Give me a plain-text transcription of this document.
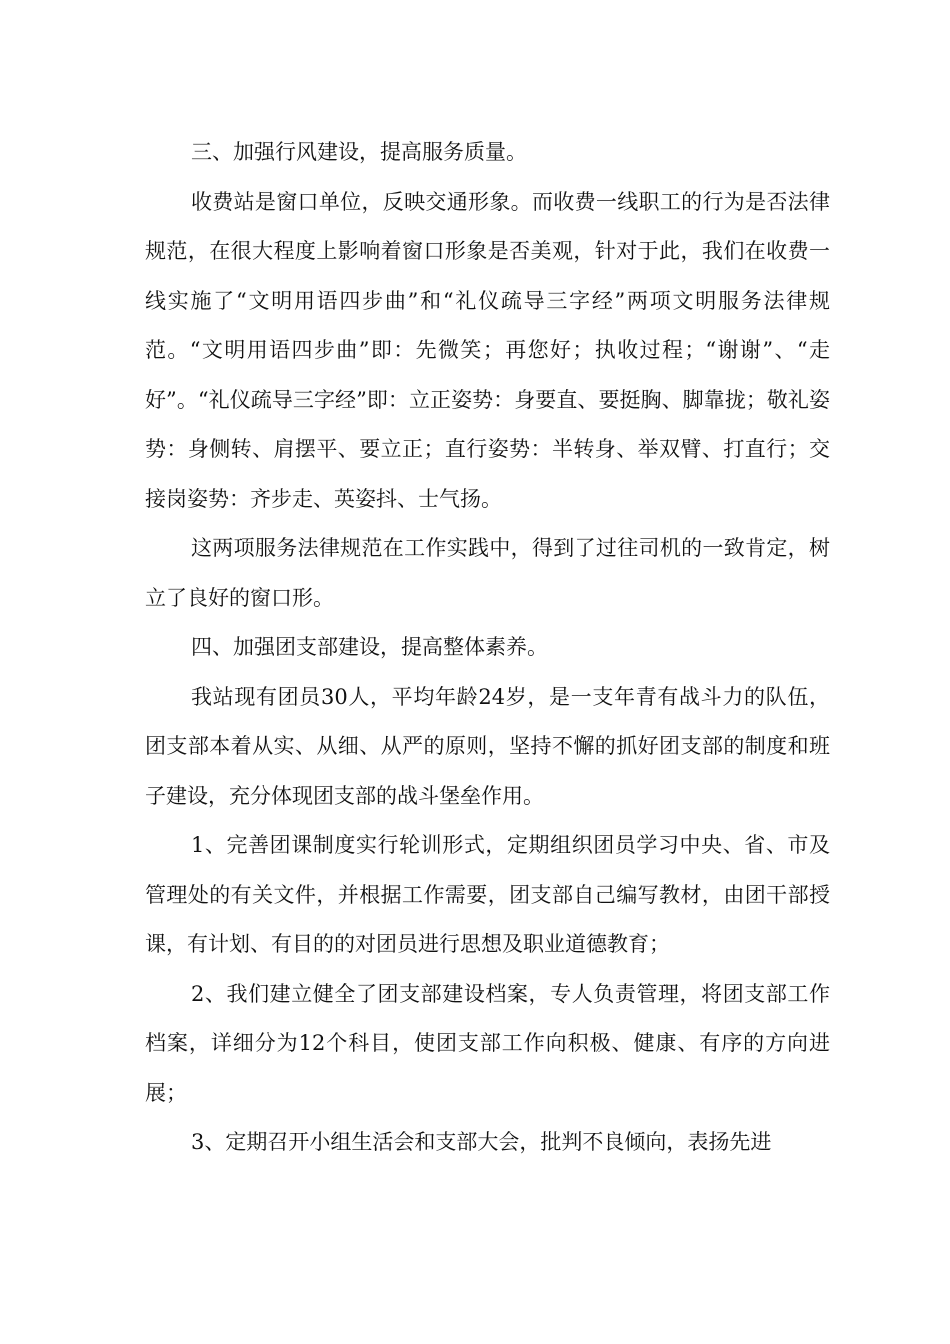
三、加强行风建设，提高服务质量。

收费站是窗口单位，反映交通形象。而收费一线职工的行为是否法律规范，在很大程度上影响着窗口形象是否美观，针对于此，我们在收费一线实施了“文明用语四步曲”和“礼仪疏导三字经”两项文明服务法律规范。“文明用语四步曲”即：先微笑；再您好；执收过程；“谢谢”、“走好”。“礼仪疏导三字经”即：立正姿势：身要直、要挺胸、脚靠拢；敬礼姿势：身侧转、肩摆平、要立正；直行姿势：半转身、举双臂、打直行；交接岗姿势：齐步走、英姿抖、士气扬。

这两项服务法律规范在工作实践中，得到了过往司机的一致肯定，树立了良好的窗口形。

四、加强团支部建设，提高整体素养。

我站现有团员30人，平均年龄24岁，是一支年青有战斗力的队伍，团支部本着从实、从细、从严的原则，坚持不懈的抓好团支部的制度和班子建设，充分体现团支部的战斗堡垒作用。

1、完善团课制度实行轮训形式，定期组织团员学习中央、省、市及管理处的有关文件，并根据工作需要，团支部自己编写教材，由团干部授课，有计划、有目的的对团员进行思想及职业道德教育；

2、我们建立健全了团支部建设档案，专人负责管理，将团支部工作档案，详细分为12个科目，使团支部工作向积极、健康、有序的方向进展；

3、定期召开小组生活会和支部大会，批判不良倾向，表扬先进
